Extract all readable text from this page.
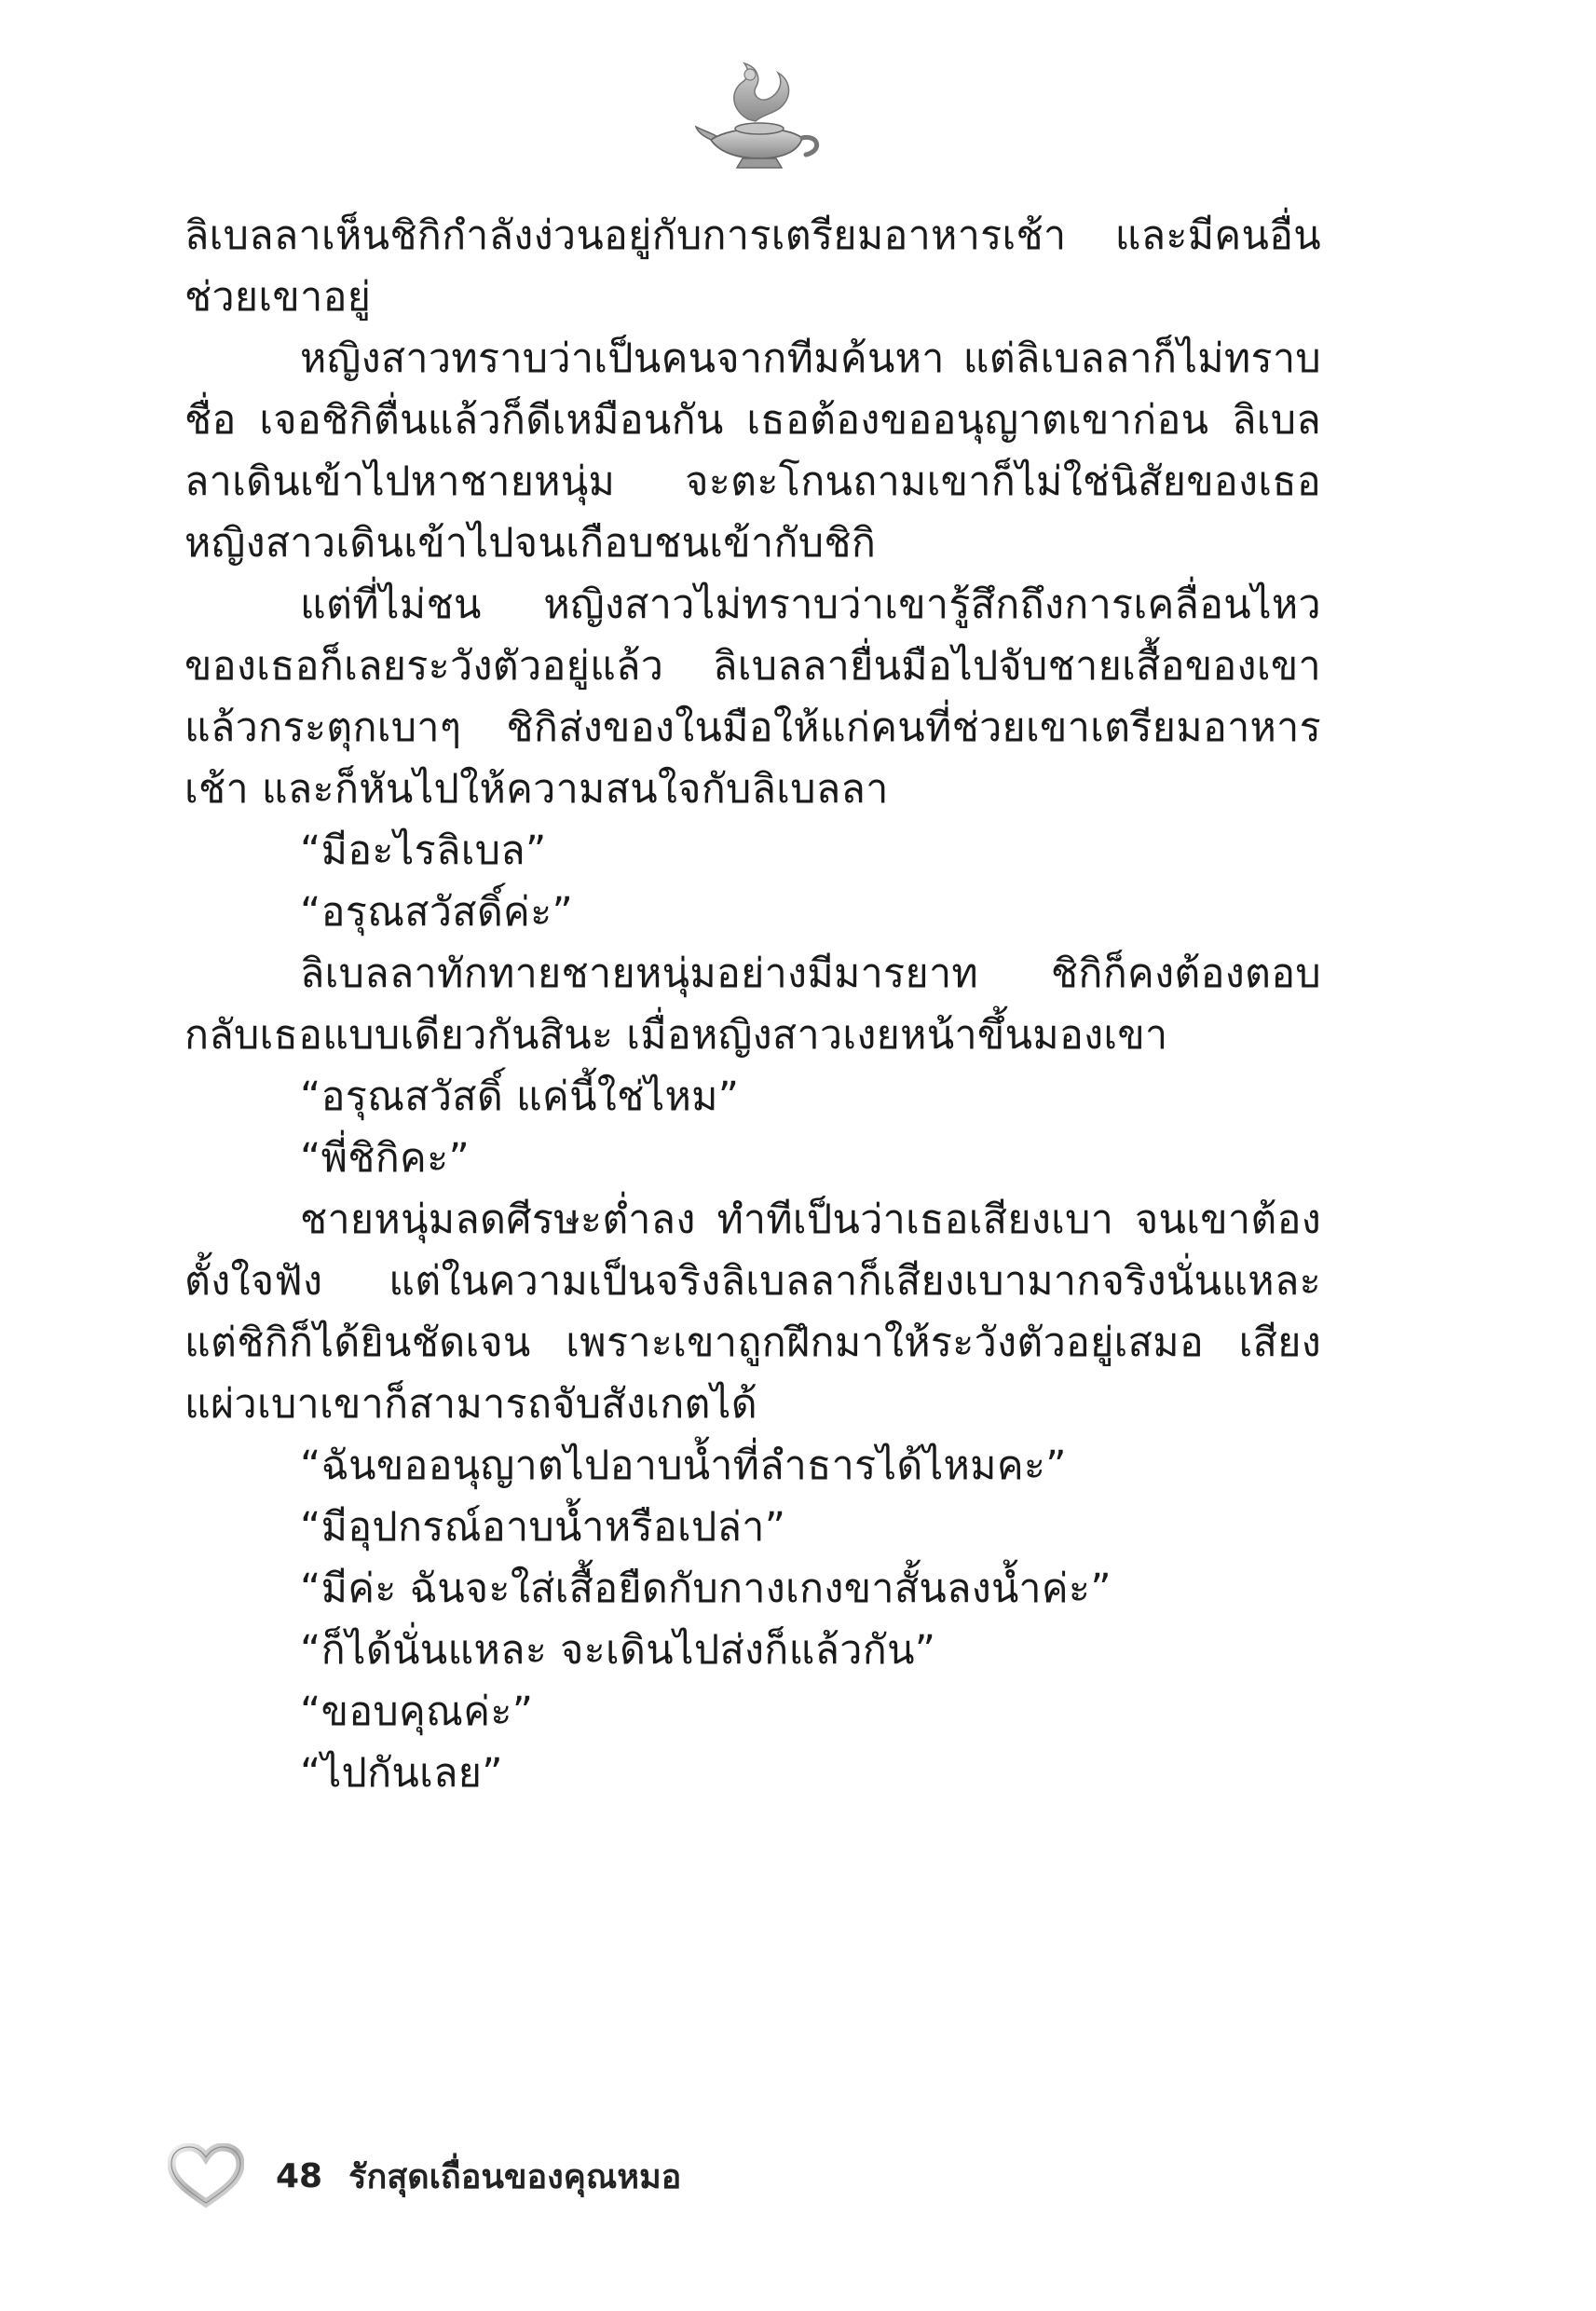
ลิเบลลาเห็นชิกิกำลังง่วนอยู่กับการเตรียมอาหารเช้า และมีคนอื่นช่วยเขาอยู่

หญิงสาวทราบว่าเป็นคนจากทีมค้นหา แต่ลิเบลลาก็ไม่ทราบชื่อ เจอชิกิตื่นแล้วก็ดีเหมือนกัน เธอต้องขออนุญาตเขาก่อน ลิเบลลาเดินเข้าไปหาชายหนุ่ม จะตะโกนถามเขาก็ไม่ใช่นิสัยของเธอ หญิงสาวเดินเข้าไปจนเกือบชนเข้ากับชิกิ

แต่ที่ไม่ชน หญิงสาวไม่ทราบว่าเขารู้สึกถึงการเคลื่อนไหวของเธอก็เลยระวังตัวอยู่แล้ว ลิเบลลายื่นมือไปจับชายเสื้อของเขา แล้วกระตุกเบาๆ ชิกิส่งของในมือให้แก่คนที่ช่วยเขาเตรียมอาหารเช้า และก็หันไปให้ความสนใจกับลิเบลลา

“มีอะไรลิเบล”

“อรุณสวัสดิ์ค่ะ”

ลิเบลลาทักทายชายหนุ่มอย่างมีมารยาท ชิกิก็คงต้องตอบกลับเธอแบบเดียวกันสินะ เมื่อหญิงสาวเงยหน้าขึ้นมองเขา

“อรุณสวัสดิ์ แค่นี้ใช่ไหม”

“พี่ชิกิคะ”

ชายหนุ่มลดศีรษะต่ำลง ทำทีเป็นว่าเธอเสียงเบา จนเขาต้องตั้งใจฟัง แต่ในความเป็นจริงลิเบลลาก็เสียงเบามากจริงนั่นแหละ แต่ชิกิก็ได้ยินชัดเจน เพราะเขาถูกฝึกมาให้ระวังตัวอยู่เสมอ เสียงแผ่วเบาเขาก็สามารถจับสังเกตได้

“ฉันขออนุญาตไปอาบน้ำที่ลำธารได้ไหมคะ”

“มีอุปกรณ์อาบน้ำหรือเปล่า”

“มีค่ะ ฉันจะใส่เสื้อยืดกับกางเกงขาสั้นลงน้ำค่ะ”

“ก็ได้นั่นแหละ จะเดินไปส่งก็แล้วกัน”

“ขอบคุณค่ะ”

“ไปกันเลย”

48 รักสุดเถื่อนของคุณหมอ
